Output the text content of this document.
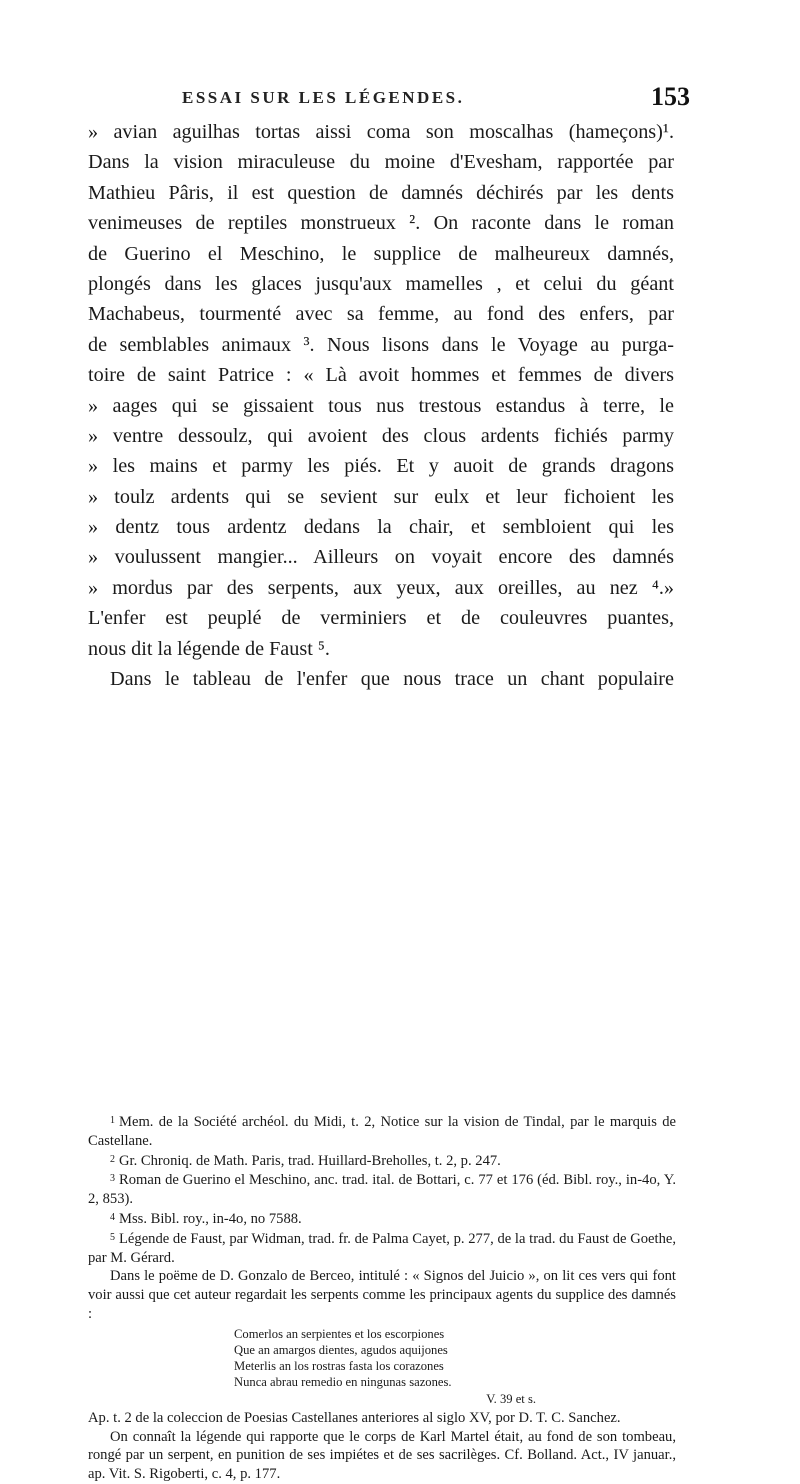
ESSAI SUR LES LÉGENDES.	153
» avian aguilhas tortas aissi coma son moscalhas (hameçons)¹.
Dans la vision miraculeuse du moine d'Evesham, rapportée par
Mathieu Pâris, il est question de damnés déchirés par les dents
venimeuses de reptiles monstrueux ². On raconte dans le roman
de Guerino el Meschino, le supplice de malheureux damnés,
plongés dans les glaces jusqu'aux mamelles , et celui du géant
Machabeus, tourmenté avec sa femme, au fond des enfers, par
de semblables animaux ³. Nous lisons dans le Voyage au purga-
toire de saint Patrice : « Là avoit hommes et femmes de divers
» aages qui se gissaient tous nus trestous estandus à terre, le
» ventre dessoulz, qui avoient des clous ardents fichiés parmy
» les mains et parmy les piés. Et y auoit de grands dragons
» toulz ardents qui se sevient sur eulx et leur fichoient les
» dentz tous ardentz dedans la chair, et sembloient qui les
» voulussent mangier... Ailleurs on voyait encore des damnés
» mordus par des serpents, aux yeux, aux oreilles, au nez ⁴.»
L'enfer est peuplé de verminiers et de couleuvres puantes,
nous dit la légende de Faust ⁵.
Dans le tableau de l'enfer que nous trace un chant populaire

$^1$ Mem. de la Société archéol. du Midi, t. 2, Notice sur la vision de Tindal, par le marquis de Castellane.

$^2$ Gr. Chroniq. de Math. Paris, trad. Huillard-Breholles, t. 2, p. 247.

$^3$ Roman de Guerino el Meschino, anc. trad. ital. de Bottari, c. 77 et 176 (éd. Bibl. roy., in-4o, Y. 2, 853).

$^4$ Mss. Bibl. roy., in-4o, no 7588.

$^5$ Légende de Faust, par Widman, trad. fr. de Palma Cayet, p. 277, de la trad. du Faust de Goethe, par M. Gérard.

Dans le poëme de D. Gonzalo de Berceo, intitulé : « Signos del Juicio », on lit ces vers qui font voir aussi que cet auteur regardait les serpents comme les principaux agents du supplice des damnés :

Comerlos an serpientes et los escorpiones
Que an amargos dientes, agudos aquijones
Meterlis an los rostras fasta los corazones
Nunca abrau remedio en ningunas sazones.
V. 39 et s.

Ap. t. 2 de la coleccion de Poesias Castellanes anteriores al siglo XV, por D. T. C. Sanchez.

On connaît la légende qui rapporte que le corps de Karl Martel était, au fond de son tombeau, rongé par un serpent, en punition de ses impiétes et de ses sacrilèges. Cf. Bolland. Act., IV januar., ap. Vit. S. Rigoberti, c. 4, p. 177.
